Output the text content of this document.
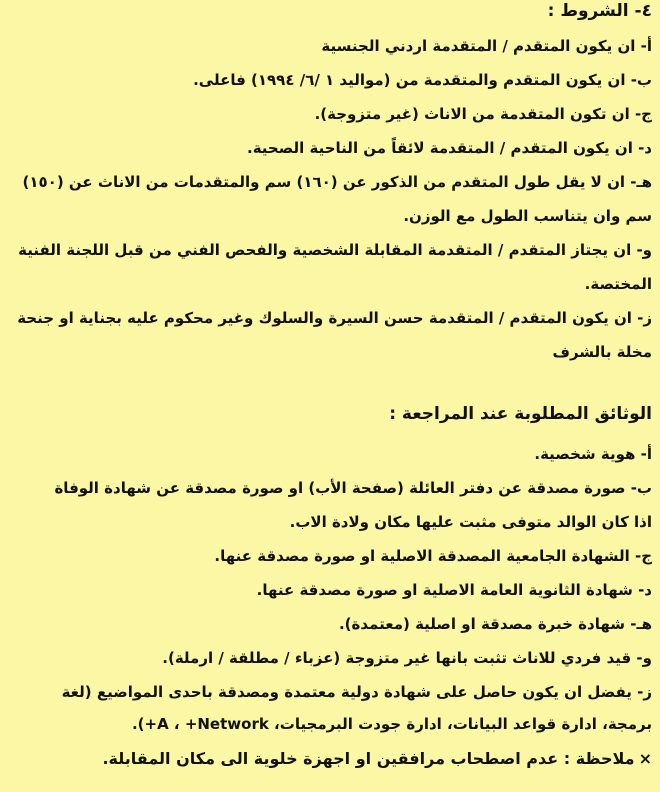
٤- الشروط :
أ- ان يكون المتقدم / المتقدمة اردني الجنسية
ب- ان يكون المتقدم والمتقدمة من (مواليد ١ /٦/ ١٩٩٤) فاعلى.
ج- ان تكون المتقدمة من الاناث (غير متزوجة).
د- ان يكون المتقدم / المتقدمة لائقاً من الناحية الصحية.
هـ- ان لا يقل طول المتقدم من الذكور عن (١٦٠) سم والمتقدمات من الاناث عن (١٥٠)
سم وان يتناسب الطول مع الوزن.
و- ان يجتاز المتقدم / المتقدمة المقابلة الشخصية والفحص الفني من قبل اللجنة الفنية
المختصة.
ز- ان يكون المتقدم / المتقدمة حسن السيرة والسلوك وغير محكوم عليه بجناية او جنحة
مخلة بالشرف
الوثائق المطلوبة عند المراجعة :
أ- هوية شخصية.
ب- صورة مصدقة عن دفتر العائلة (صفحة الأب) او صورة مصدقة عن شهادة الوفاة
اذا كان الوالد متوفى مثبت عليها مكان ولادة الاب.
ج- الشهادة الجامعية المصدقة الاصلية او صورة مصدقة عنها.
د- شهادة الثانوية العامة الاصلية او صورة مصدقة عنها.
هـ- شهادة خبرة مصدقة او اصلية (معتمدة).
و- قيد فردي للاناث تثبت بانها غير متزوجة (عزباء / مطلقة / ارملة).
ز- يفضل ان يكون حاصل على شهادة دولية معتمدة ومصدقة باحدى المواضيع (لغة
برمجة، ادارة قواعد البيانات، ادارة جودت البرمجيات، A ، +Network+).
×ملاحظة : عدم اصطحاب مرافقين او اجهزة خلوية الى مكان المقابلة.
